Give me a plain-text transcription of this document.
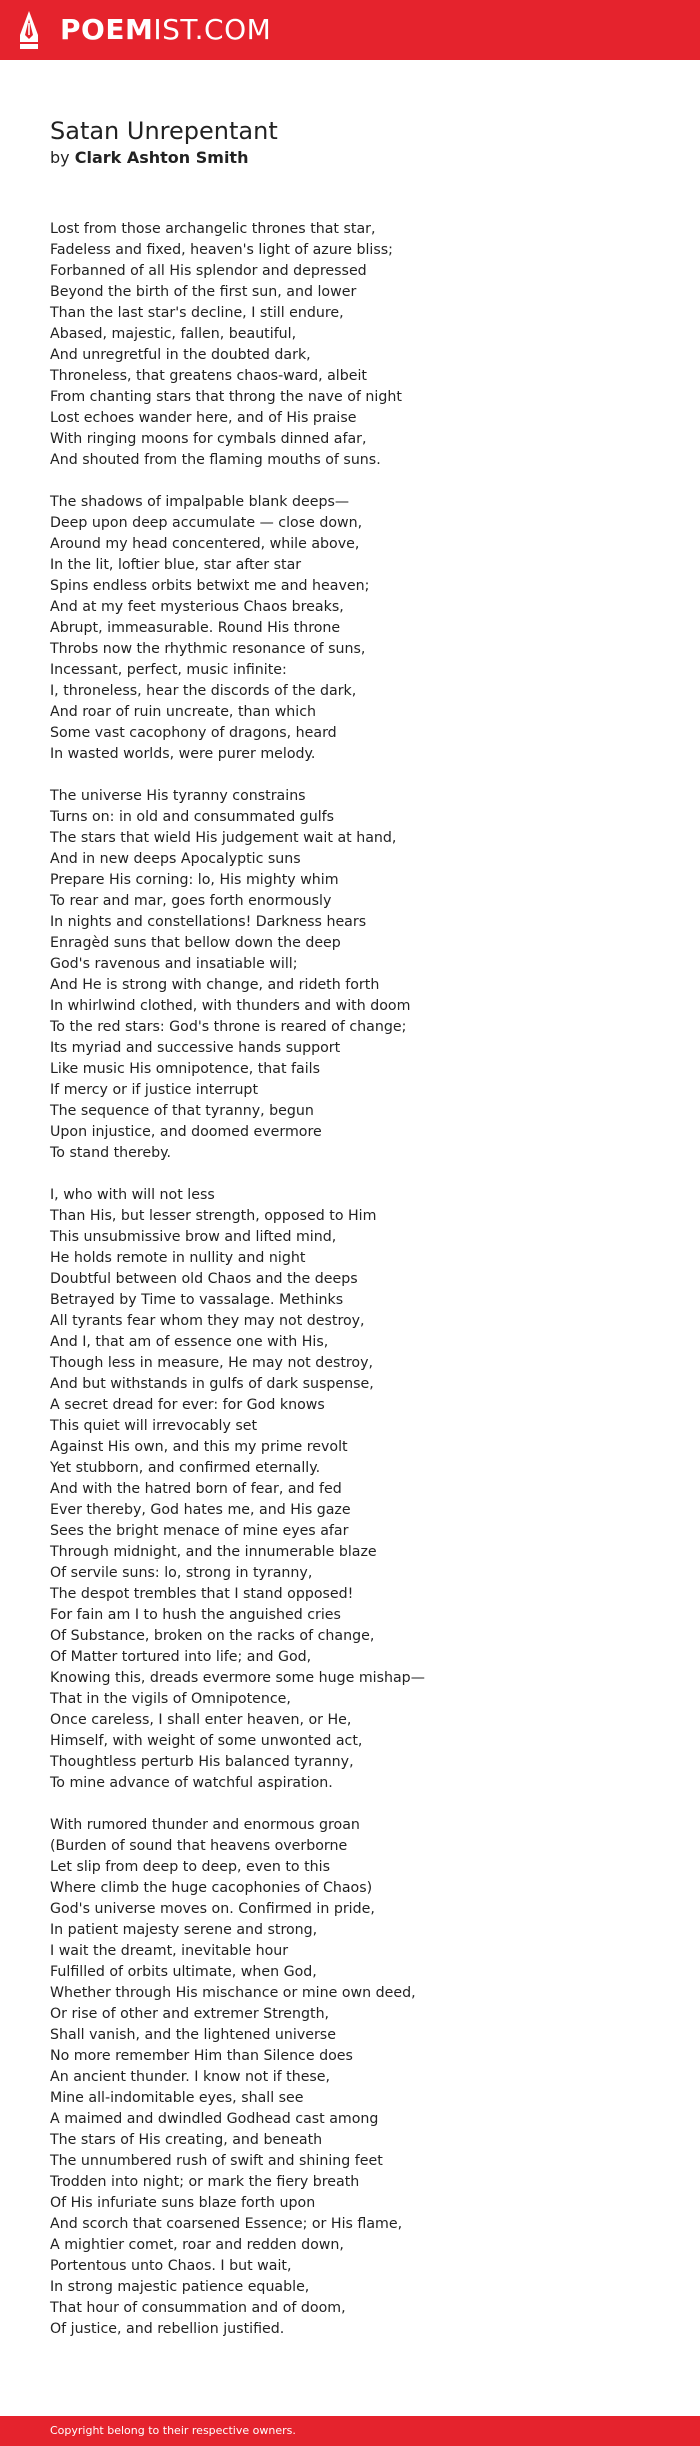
POEMIST.COM
Satan Unrepentant
by Clark Ashton Smith
Lost from those archangelic thrones that star,
Fadeless and fixed, heaven's light of azure bliss;
Forbanned of all His splendor and depressed
Beyond the birth of the first sun, and lower
Than the last star's decline, I still endure,
Abased, majestic, fallen, beautiful,
And unregretful in the doubted dark,
Throneless, that greatens chaos-ward, albeit
From chanting stars that throng the nave of night
Lost echoes wander here, and of His praise
With ringing moons for cymbals dinned afar,
And shouted from the flaming mouths of suns.
The shadows of impalpable blank deeps—
Deep upon deep accumulate — close down,
Around my head concentered, while above,
In the lit, loftier blue, star after star
Spins endless orbits betwixt me and heaven;
And at my feet mysterious Chaos breaks,
Abrupt, immeasurable. Round His throne
Throbs now the rhythmic resonance of suns,
Incessant, perfect, music infinite:
I, throneless, hear the discords of the dark,
And roar of ruin uncreate, than which
Some vast cacophony of dragons, heard
In wasted worlds, were purer melody.
The universe His tyranny constrains
Turns on: in old and consummated gulfs
The stars that wield His judgement wait at hand,
And in new deeps Apocalyptic suns
Prepare His corning: lo, His mighty whim
To rear and mar, goes forth enormously
In nights and constellations! Darkness hears
Enragèd suns that bellow down the deep
God's ravenous and insatiable will;
And He is strong with change, and rideth forth
In whirlwind clothed, with thunders and with doom
To the red stars: God's throne is reared of change;
Its myriad and successive hands support
Like music His omnipotence, that fails
If mercy or if justice interrupt
The sequence of that tyranny, begun
Upon injustice, and doomed evermore
To stand thereby.
I, who with will not less
Than His, but lesser strength, opposed to Him
This unsubmissive brow and lifted mind,
He holds remote in nullity and night
Doubtful between old Chaos and the deeps
Betrayed by Time to vassalage. Methinks
All tyrants fear whom they may not destroy,
And I, that am of essence one with His,
Though less in measure, He may not destroy,
And but withstands in gulfs of dark suspense,
A secret dread for ever: for God knows
This quiet will irrevocably set
Against His own, and this my prime revolt
Yet stubborn, and confirmed eternally.
And with the hatred born of fear, and fed
Ever thereby, God hates me, and His gaze
Sees the bright menace of mine eyes afar
Through midnight, and the innumerable blaze
Of servile suns: lo, strong in tyranny,
The despot trembles that I stand opposed!
For fain am I to hush the anguished cries
Of Substance, broken on the racks of change,
Of Matter tortured into life; and God,
Knowing this, dreads evermore some huge mishap—
That in the vigils of Omnipotence,
Once careless, I shall enter heaven, or He,
Himself, with weight of some unwonted act,
Thoughtless perturb His balanced tyranny,
To mine advance of watchful aspiration.
With rumored thunder and enormous groan
(Burden of sound that heavens overborne
Let slip from deep to deep, even to this
Where climb the huge cacophonies of Chaos)
God's universe moves on. Confirmed in pride,
In patient majesty serene and strong,
I wait the dreamt, inevitable hour
Fulfilled of orbits ultimate, when God,
Whether through His mischance or mine own deed,
Or rise of other and extremer Strength,
Shall vanish, and the lightened universe
No more remember Him than Silence does
An ancient thunder. I know not if these,
Mine all-indomitable eyes, shall see
A maimed and dwindled Godhead cast among
The stars of His creating, and beneath
The unnumbered rush of swift and shining feet
Trodden into night; or mark the fiery breath
Of His infuriate suns blaze forth upon
And scorch that coarsened Essence; or His flame,
A mightier comet, roar and redden down,
Portentous unto Chaos. I but wait,
In strong majestic patience equable,
That hour of consummation and of doom,
Of justice, and rebellion justified.
Copyright belong to their respective owners.
